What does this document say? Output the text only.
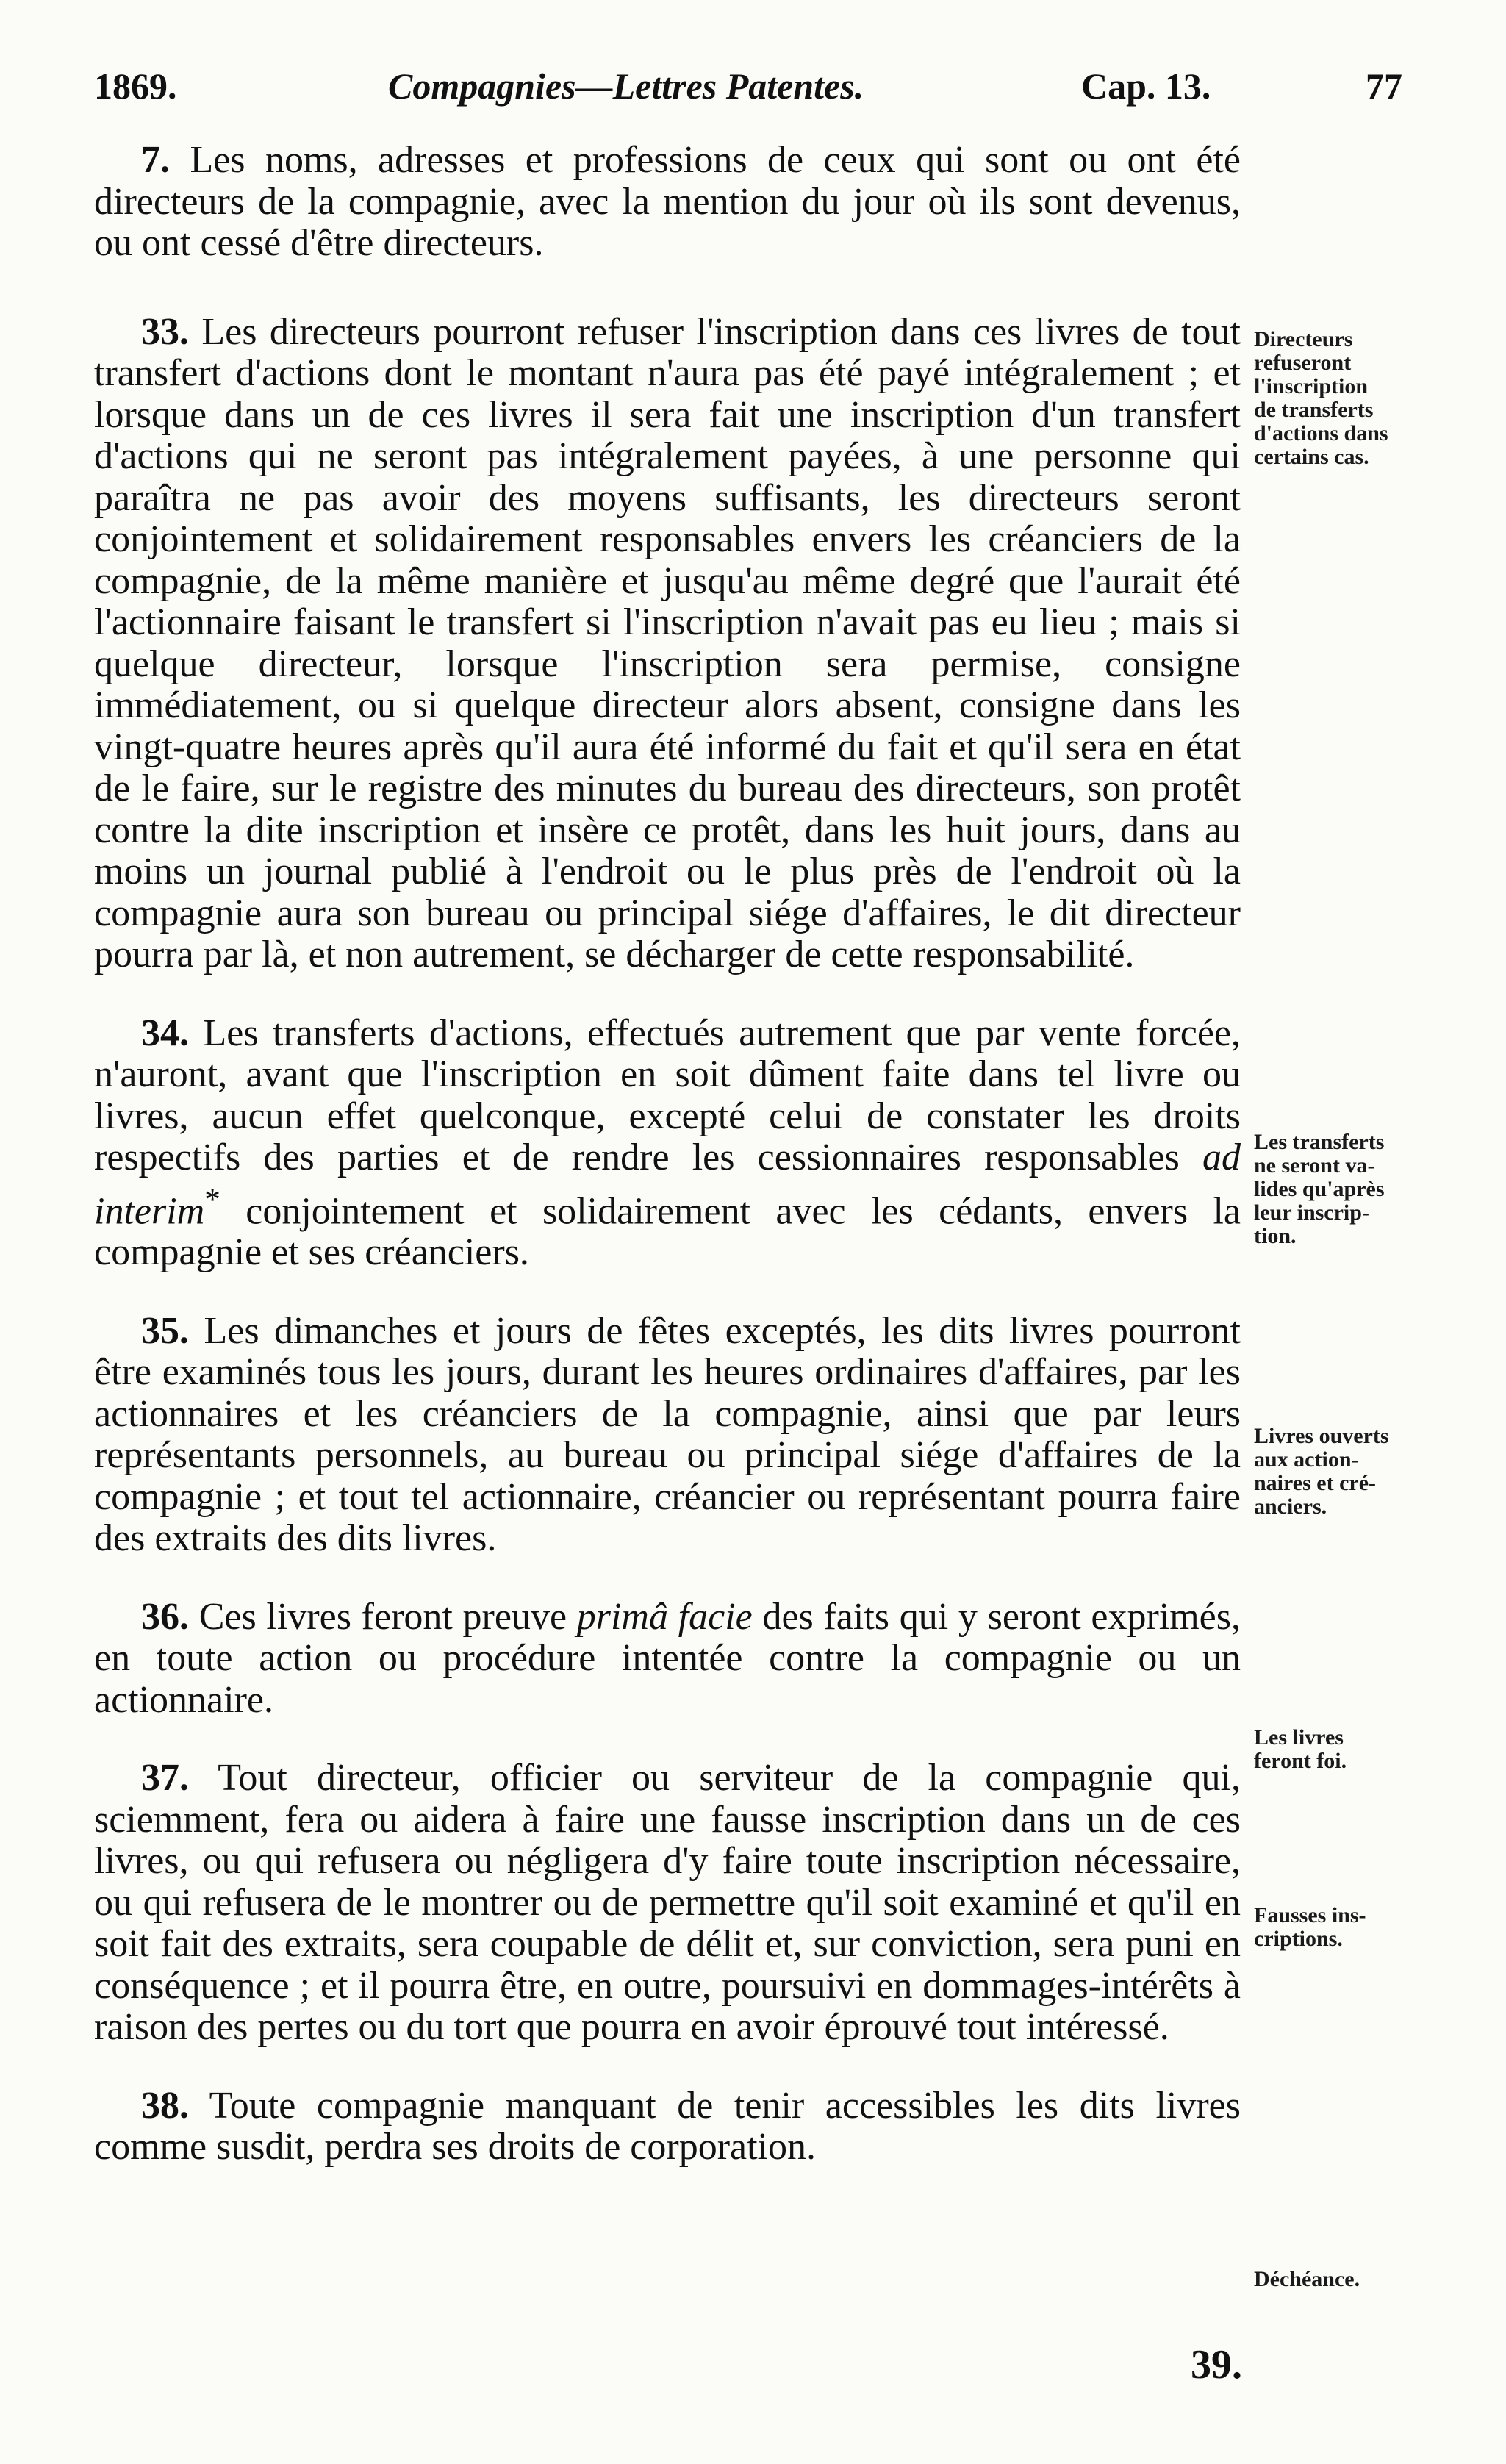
1869.	Compagnies—Lettres Patentes.	Cap. 13.	77

7. Les noms, adresses et professions de ceux qui sont ou ont été directeurs de la compagnie, avec la mention du jour où ils sont devenus, ou ont cessé d'être directeurs.

33. Les directeurs pourront refuser l'inscription dans ces livres de tout transfert d'actions dont le montant n'aura pas été payé intégralement ; et lorsque dans un de ces livres il sera fait une inscription d'un transfert d'actions qui ne seront pas intégralement payées, à une personne qui paraîtra ne pas avoir des moyens suffisants, les directeurs seront conjointement et solidairement responsables envers les créanciers de la compagnie, de la même manière et jusqu'au même degré que l'aurait été l'actionnaire faisant le transfert si l'inscription n'avait pas eu lieu ; mais si quelque directeur, lorsque l'inscription sera permise, consigne immédiatement, ou si quelque directeur alors absent, consigne dans les vingt-quatre heures après qu'il aura été informé du fait et qu'il sera en état de le faire, sur le registre des minutes du bureau des directeurs, son protêt contre la dite inscription et insère ce protêt, dans les huit jours, dans au moins un journal publié à l'endroit ou le plus près de l'endroit où la compagnie aura son bureau ou principal siége d'affaires, le dit directeur pourra par là, et non autrement, se décharger de cette responsabilité.

34. Les transferts d'actions, effectués autrement que par vente forcée, n'auront, avant que l'inscription en soit dûment faite dans tel livre ou livres, aucun effet quelconque, excepté celui de constater les droits respectifs des parties et de rendre les cessionnaires responsables ad interim* conjointement et solidairement avec les cédants, envers la compagnie et ses créanciers.

35. Les dimanches et jours de fêtes exceptés, les dits livres pourront être examinés tous les jours, durant les heures ordinaires d'affaires, par les actionnaires et les créanciers de la compagnie, ainsi que par leurs représentants personnels, au bureau ou principal siége d'affaires de la compagnie ; et tout tel actionnaire, créancier ou représentant pourra faire des extraits des dits livres.

36. Ces livres feront preuve primâ facie des faits qui y seront exprimés, en toute action ou procédure intentée contre la compagnie ou un actionnaire.

37. Tout directeur, officier ou serviteur de la compagnie qui, sciemment, fera ou aidera à faire une fausse inscription dans un de ces livres, ou qui refusera ou négligera d'y faire toute inscription nécessaire, ou qui refusera de le montrer ou de permettre qu'il soit examiné et qu'il en soit fait des extraits, sera coupable de délit et, sur conviction, sera puni en conséquence ; et il pourra être, en outre, poursuivi en dommages-intérêts à raison des pertes ou du tort que pourra en avoir éprouvé tout intéressé.

38. Toute compagnie manquant de tenir accessibles les dits livres comme susdit, perdra ses droits de corporation.

Directeurs
refuseront
l'inscription
de transferts
d'actions dans
certains cas.
Les transferts
ne seront va-
lides qu'après
leur inscrip-
tion.
Livres ouverts
aux action-
naires et cré-
anciers.
Les livres
feront foi.
Fausses ins-
criptions.
Déchéance.
39.
